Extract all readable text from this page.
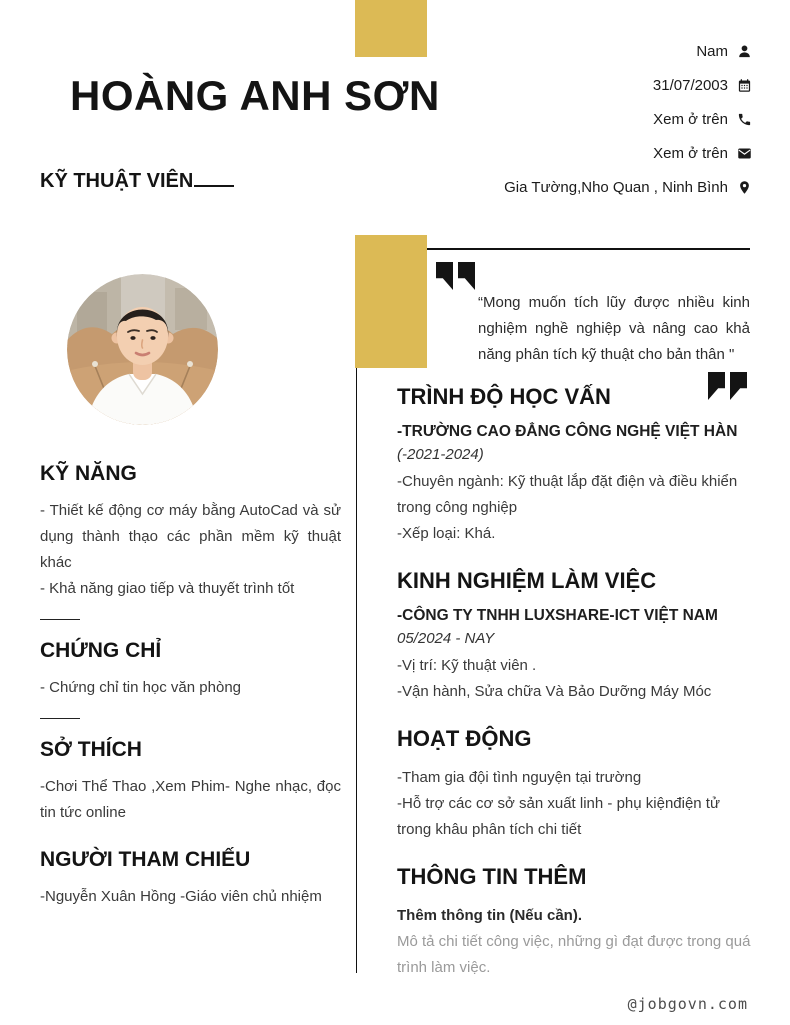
HOÀNG ANH SƠN
KỸ THUẬT VIÊN
Nam
31/07/2003
Xem ở trên
Xem ở trên
Gia Tường,Nho Quan , Ninh Bình
KỸ NĂNG

- Thiết kế động cơ máy bằng AutoCad và sử dụng thành thạo các phần mềm kỹ thuật khác

- Khả năng giao tiếp và thuyết trình tốt

CHỨNG CHỈ

- Chứng chỉ tin học văn phòng

SỞ THÍCH

-Chơi Thể Thao ,Xem Phim- Nghe nhạc, đọc tin tức online

NGƯỜI THAM CHIẾU

-Nguyễn Xuân Hồng -Giáo viên chủ nhiệm

“Mong muốn tích lũy được nhiều kinh nghiệm nghề nghiệp và nâng cao khả năng phân tích kỹ thuật cho bản thân "
TRÌNH ĐỘ HỌC VẤN

-TRƯỜNG CAO ĐẲNG CÔNG NGHỆ VIỆT HÀN

(-2021-2024)

-Chuyên ngành: Kỹ thuật lắp đặt điện và điều khiển trong công nghiệp

-Xếp loại: Khá.

KINH NGHIỆM LÀM VIỆC

-CÔNG TY TNHH LUXSHARE-ICT VIỆT NAM

05/2024 - NAY

-Vị trí: Kỹ thuật viên .

-Vận hành, Sửa chữa Và Bảo Dưỡng Máy Móc

HOẠT ĐỘNG

-Tham gia đội tình nguyện tại trường

-Hỗ trợ các cơ sở sản xuất linh - phụ kiệnđiện tử trong khâu phân tích chi tiết

THÔNG TIN THÊM

Thêm thông tin (Nếu cần).

Mô tả chi tiết công việc, những gì đạt được trong quá trình làm việc.

@jobgovn.com
